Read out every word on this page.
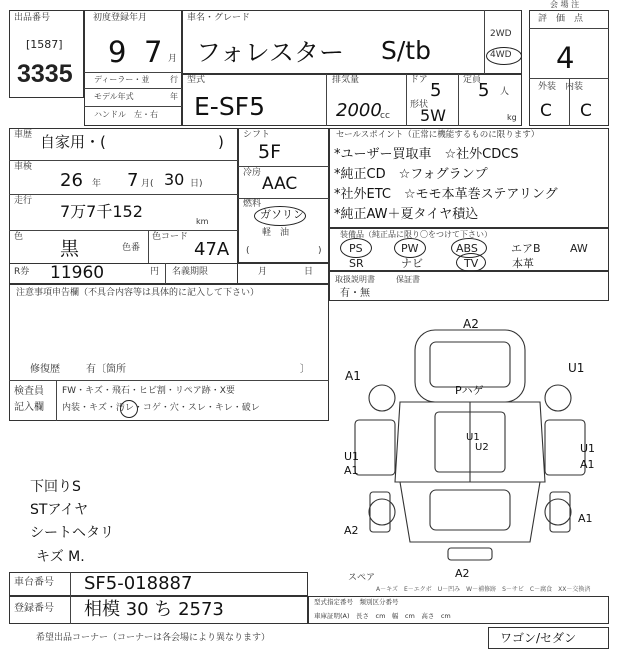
出品番号
[1587]
3335
初度登録年月
9 7 月
ディーラー・並	行
モデル年式	年
ハンドル　左・右
車名・グレード
フォレスター S/tb
2WD
4WD
型式
E-SF5
排気量
2000
cc
ドア 5
形状
5W
定員
5 人
kg
会 場 注
評　価　点
4
外装　内装
C C
車歴 自家用・(	)
車検
26 年 7 月( 30 日)
走行
7万7千152
km
色
黒	色番
色コード
47A
R券 11960	円 名義期限	月	日
シフト
5F
冷房
AAC
燃料
ガソリン
軽　油
(	)
セールスポイント（正常に機能するものに限ります）
*ユーザー買取車　☆社外CDCS
*純正CD　☆フォグランプ
*社外ETC　☆モモ本革巻ステアリング
*純正AW＋夏タイヤ積込
装備品（純正品に限り〇をつけて下さい）
PS	PW	ABS	エアB	AW
SR	ナビ	TV	本革
取扱説明書	保証書
有・無
注意事項申告欄（不具合内容等は具体的に記入して下さい）
修復歴	有〔箇所	〕
検査員
記入欄
FW・キズ・飛石・ヒビ割・リペア跡・X要
内装・キズ・汚レ・コゲ・穴・スレ・キレ・破レ
下回りS
STアイヤ
シートヘタリ
キズ M.
A2
A1
U1
Pハゲ
U1
U2
U1
A1
U1
A1
A2
A1
A2
スペア
A－キズ　E－エクボ　U－凹み　W－補修跡　S－サビ　C－腐食　XX－交換済
車台番号 SF5-018887
登録番号 相模 30 ち 2573	型式指定番号　類別区分番号
車庫証明(A)　長さ　cm　幅　cm　高さ　cm
希望出品コーナー（コーナーは各会場により異なります）	ワゴン/セダン
